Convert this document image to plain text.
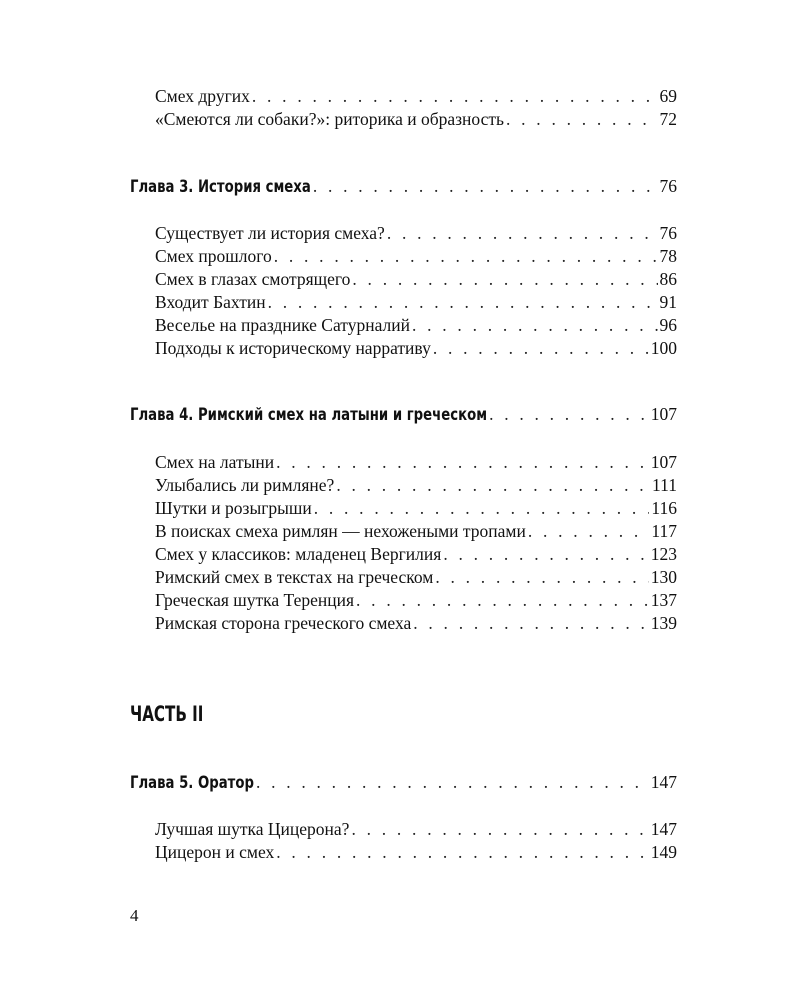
Смех других . . .	69
«Смеются ли собаки?»: риторика и образность . . .	72
Глава 3. История смеха . . .	76
Существует ли история смеха? . . .	76
Смех прошлого . . .	78
Смех в глазах смотрящего . . .	86
Входит Бахтин . . .	91
Веселье на празднике Сатурналий . . .	96
Подходы к историческому нарративу . . .	100
Глава 4. Римский смех на латыни и греческом . . .	107
Смех на латыни . . .	107
Улыбались ли римляне? . . .	111
Шутки и розыгрыши . . .	116
В поисках смеха римлян — нехожеными тропами . . .	117
Смех у классиков: младенец Вергилия . . .	123
Римский смех в текстах на греческом . . .	130
Греческая шутка Теренция . . .	137
Римская сторона греческого смеха . . .	139
ЧАСТЬ II
Глава 5. Оратор . . .	147
Лучшая шутка Цицерона? . . .	147
Цицерон и смех . . .	149
4
